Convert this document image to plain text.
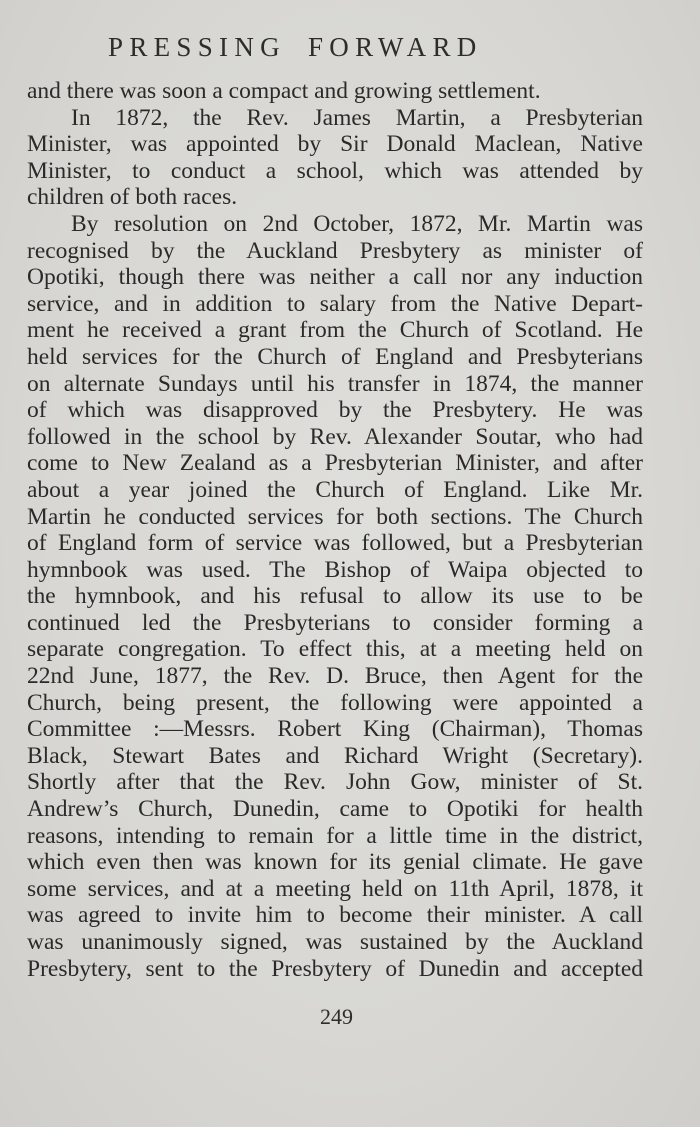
PRESSING FORWARD
and there was soon a compact and growing settlement.
In 1872, the Rev. James Martin, a Presbyterian
Minister, was appointed by Sir Donald Maclean, Native
Minister, to conduct a school, which was attended by
children of both races.
By resolution on 2nd October, 1872, Mr. Martin was
recognised by the Auckland Presbytery as minister of
Opotiki, though there was neither a call nor any induction
service, and in addition to salary from the Native Depart-
ment he received a grant from the Church of Scotland. He
held services for the Church of England and Presbyterians
on alternate Sundays until his transfer in 1874, the manner
of which was disapproved by the Presbytery. He was
followed in the school by Rev. Alexander Soutar, who had
come to New Zealand as a Presbyterian Minister, and after
about a year joined the Church of England. Like Mr.
Martin he conducted services for both sections. The Church
of England form of service was followed, but a Presbyterian
hymnbook was used. The Bishop of Waipa objected to
the hymnbook, and his refusal to allow its use to be
continued led the Presbyterians to consider forming a
separate congregation. To effect this, at a meeting held on
22nd June, 1877, the Rev. D. Bruce, then Agent for the
Church, being present, the following were appointed a
Committee :—Messrs. Robert King (Chairman), Thomas
Black, Stewart Bates and Richard Wright (Secretary).
Shortly after that the Rev. John Gow, minister of St.
Andrew’s Church, Dunedin, came to Opotiki for health
reasons, intending to remain for a little time in the district,
which even then was known for its genial climate. He gave
some services, and at a meeting held on 11th April, 1878, it
was agreed to invite him to become their minister. A call
was unanimously signed, was sustained by the Auckland
Presbytery, sent to the Presbytery of Dunedin and accepted
249
